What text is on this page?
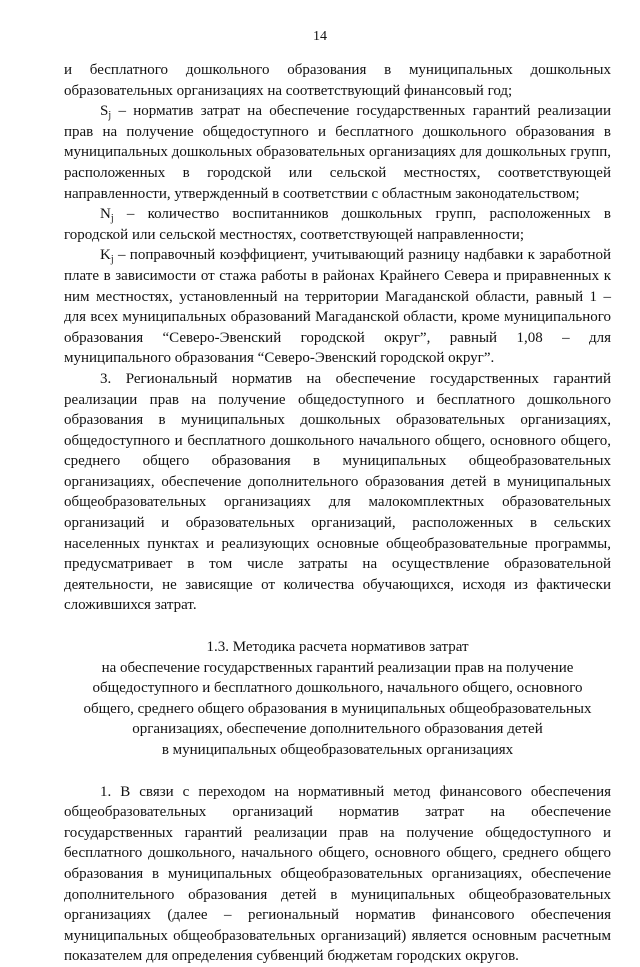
14

и бесплатного дошкольного образования в муниципальных дошкольных

образовательных организациях на соответствующий финансовый год;

$S_j$ – норматив затрат на обеспечение государственных гарантий реализации прав на получение общедоступного и бесплатного дошкольного образования в муниципальных дошкольных образовательных организациях для дошкольных групп, расположенных в городской или сельской местностях, соответствующей направленности, утвержденный в соответствии с областным законодательством;

$N_j$ – количество воспитанников дошкольных групп, расположенных в городской или сельской местностях, соответствующей направленности;

$K_j$ – поправочный коэффициент, учитывающий разницу надбавки к заработной плате в зависимости от стажа работы в районах Крайнего Севера и приравненных к ним местностях, установленный на территории Магаданской области, равный 1 – для всех муниципальных образований Магаданской области, кроме муниципального образования “Северо-Эвенский городской округ”, равный 1,08 – для муниципального образования “Северо-Эвенский городской округ”.

3. Региональный норматив на обеспечение государственных гарантий реализации прав на получение общедоступного и бесплатного дошкольного образования в муниципальных дошкольных образовательных организациях, общедоступного и бесплатного дошкольного начального общего, основного общего, среднего общего образования в муниципальных общеобразовательных организациях, обеспечение дополнительного образования детей в муниципальных общеобразовательных организациях для малокомплектных образовательных организаций и образовательных организаций, расположенных в сельских населенных пунктах и реализующих основные общеобразовательные программы, предусматривает в том числе затраты на осуществление образовательной деятельности, не зависящие от количества обучающихся, исходя из фактически сложившихся затрат.

1.3. Методика расчета нормативов затрат

на обеспечение государственных гарантий реализации прав на получение

общедоступного и бесплатного дошкольного, начального общего, основного

общего, среднего общего образования в муниципальных общеобразовательных

организациях, обеспечение дополнительного образования детей

в муниципальных общеобразовательных организациях

1. В связи с переходом на нормативный метод финансового обеспечения общеобразовательных организаций норматив затрат на обеспечение государственных гарантий реализации прав на получение общедоступного и бесплатного дошкольного, начального общего, основного общего, среднего общего образования в муниципальных общеобразовательных организациях, обеспечение дополнительного образования детей в муниципальных общеобразовательных организациях (далее – региональный норматив финансового обеспечения муниципальных общеобразовательных организаций) является основным расчетным показателем для определения субвенций бюджетам городских округов.
